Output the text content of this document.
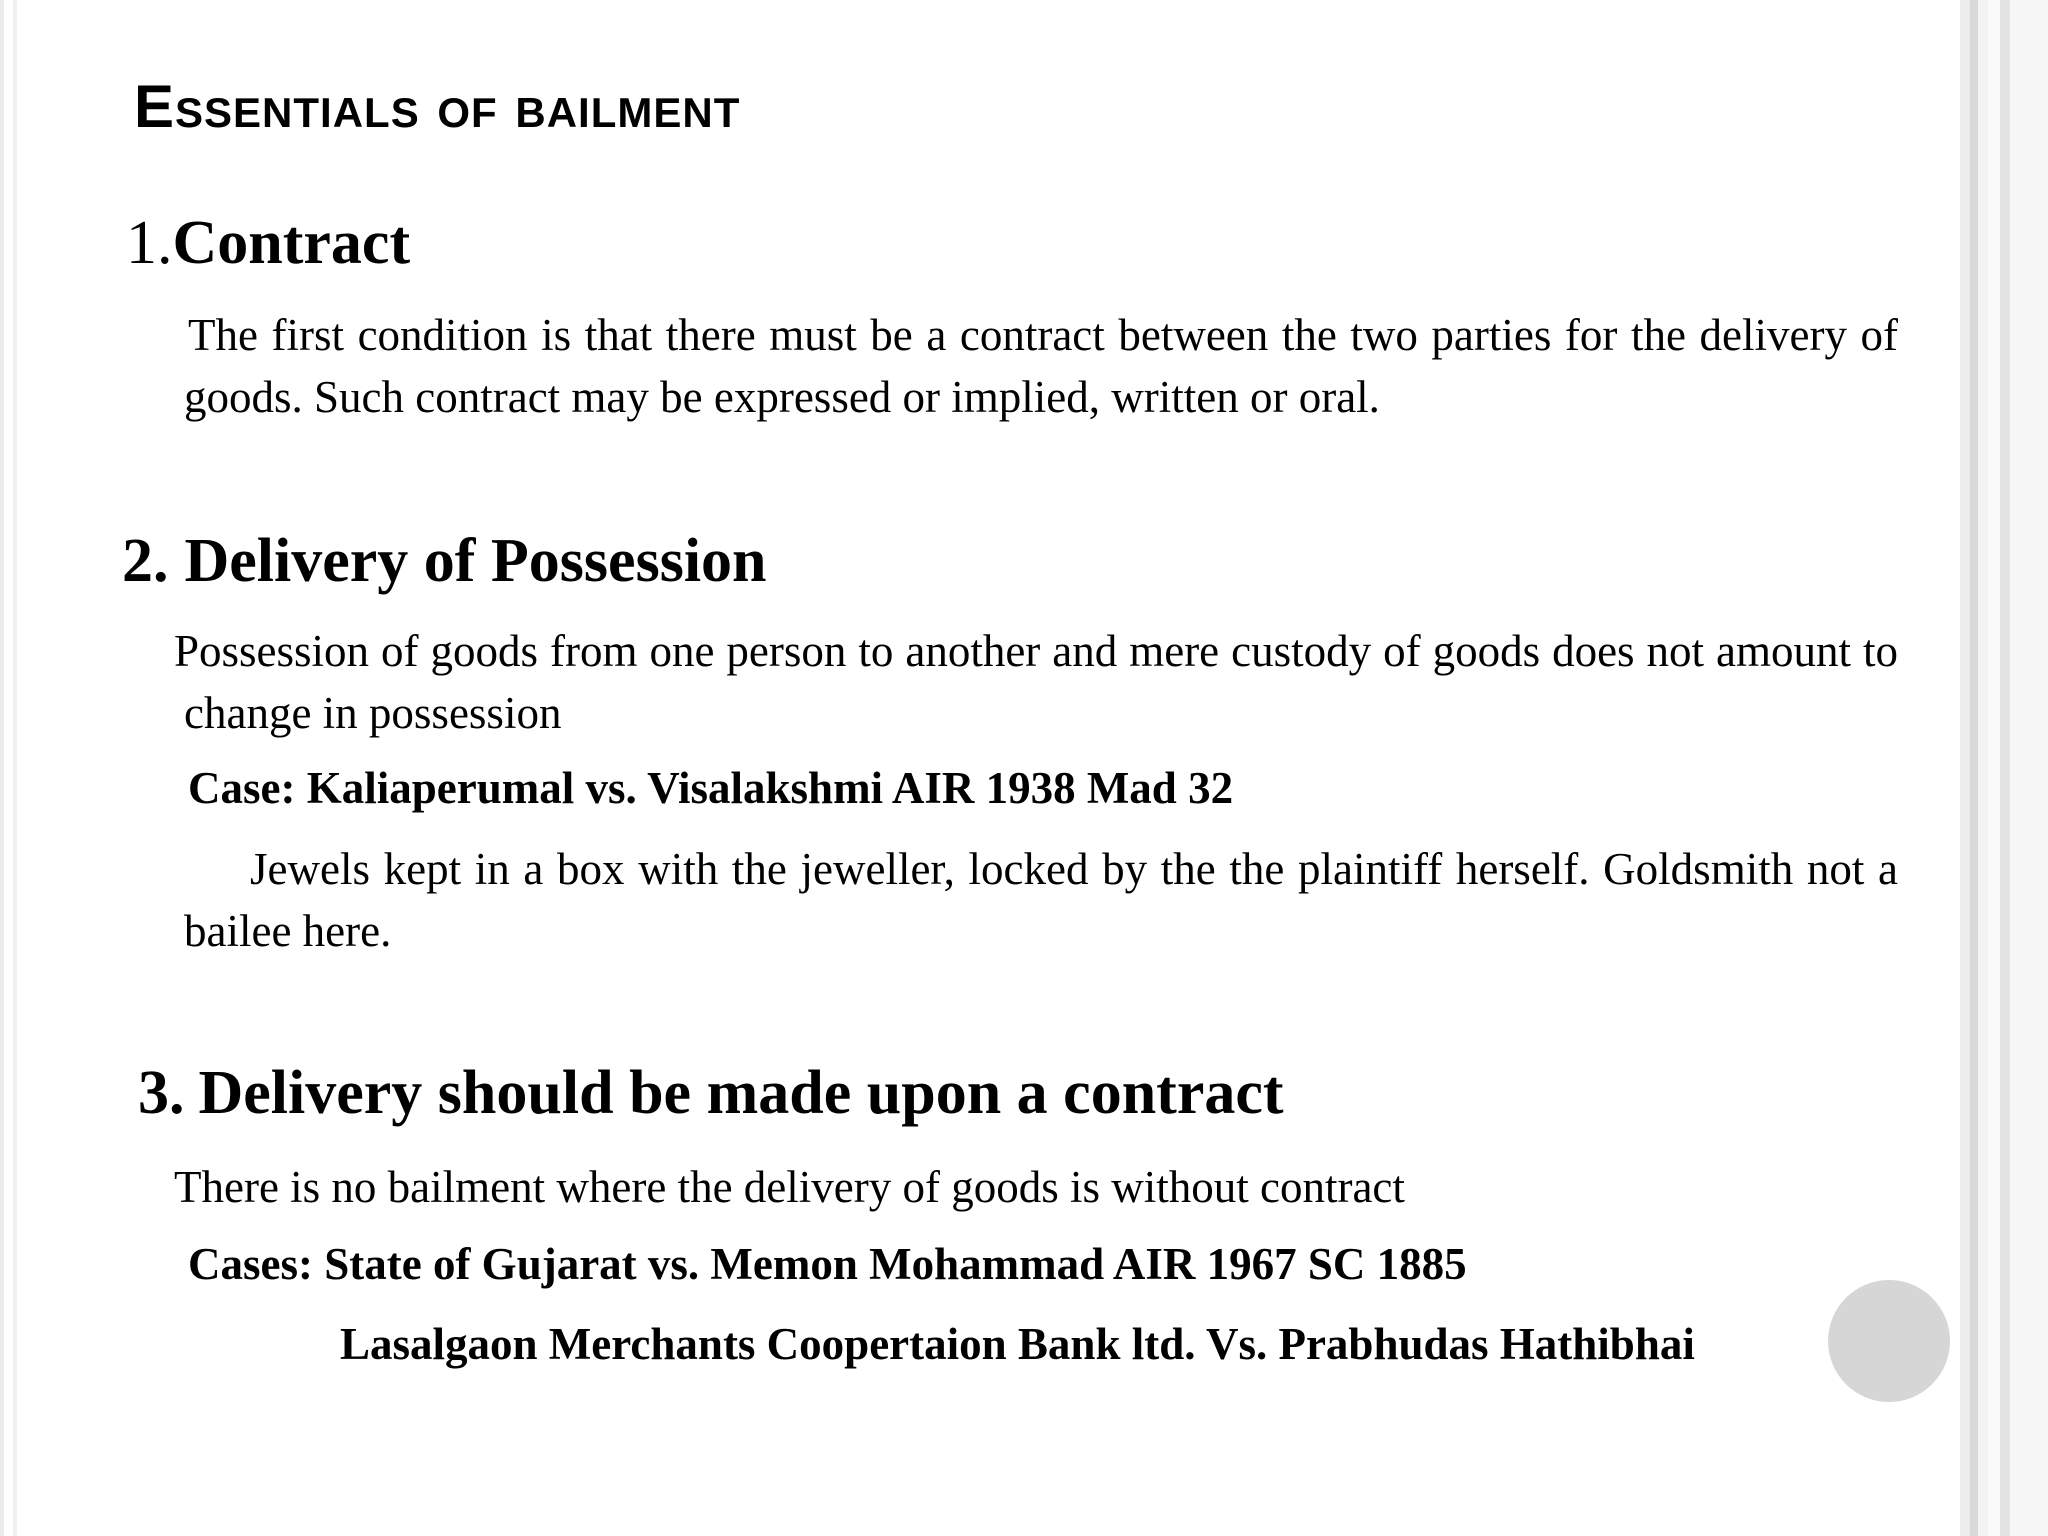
Essentials of bailment
1.Contract
The first condition is that there must be a contract between the two parties for the delivery of goods. Such contract may be expressed or implied, written or oral.
2. Delivery of Possession
Possession of goods from one person to another and mere custody of goods does not amount to change in possession
Case: Kaliaperumal vs. Visalakshmi AIR 1938 Mad 32
Jewels kept in a box with the jeweller, locked by the the plaintiff herself. Goldsmith not a bailee here.
3. Delivery should be made upon a contract
There is no bailment where the delivery of goods is without contract
Cases: State of Gujarat vs. Memon Mohammad AIR 1967 SC 1885
Lasalgaon Merchants Coopertaion Bank ltd. Vs. Prabhudas Hathibhai
